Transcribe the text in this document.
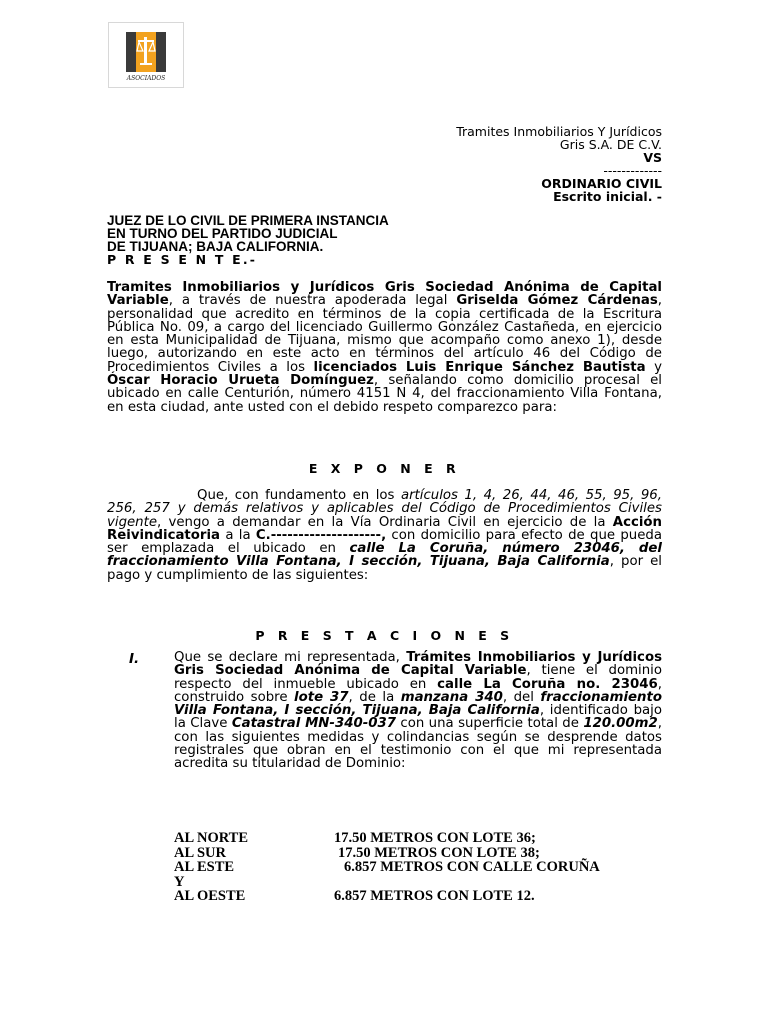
ASOCIADOS
Tramites Inmobiliarios Y Jurídicos
Gris S.A. DE C.V.
VS
-------------
ORDINARIO CIVIL
Escrito inicial. -
JUEZ DE LO CIVIL DE PRIMERA INSTANCIA
EN TURNO DEL PARTIDO JUDICIAL
DE TIJUANA; BAJA CALIFORNIA.
P R E S E N T E.-
Tramites Inmobiliarios y Jurídicos Gris Sociedad Anónima de Capital Variable, a través de nuestra apoderada legal Griselda Gómez Cárdenas, personalidad que acredito en términos de la copia certificada de la Escritura Pública No. 09, a cargo del licenciado Guillermo González Castañeda, en ejercicio en esta Municipalidad de Tijuana, mismo que acompaño como anexo 1), desde luego, autorizando en este acto en términos del artículo 46 del Código de Procedimientos Civiles a los licenciados Luis Enrique Sánchez Bautista y Óscar Horacio Urueta Domínguez, señalando como domicilio procesal el ubicado en calle Centurión, número 4151 N 4, del fraccionamiento Villa Fontana, en esta ciudad, ante usted con el debido respeto comparezco para:
E X P O N E R
Que, con fundamento en los artículos 1, 4, 26, 44, 46, 55, 95, 96, 256, 257 y demás relativos y aplicables del Código de Procedimientos Civiles vigente, vengo a demandar en la Vía Ordinaria Civil en ejercicio de la Acción Reivindicatoria a la C.--------------------, con domicilio para efecto de que pueda ser emplazada el ubicado en calle La Coruña, número 23046, del fraccionamiento Villa Fontana, I sección, Tijuana, Baja California, por el pago y cumplimiento de las siguientes:
P R E S T A C I O N E S
I.	Que se declare mi representada, Trámites Inmobiliarios y Jurídicos Gris Sociedad Anónima de Capital Variable, tiene el dominio respecto del inmueble ubicado en calle La Coruña no. 23046, construido sobre lote 37, de la manzana 340, del fraccionamiento Villa Fontana, I sección, Tijuana, Baja California, identificado bajo la Clave Catastral MN-340-037 con una superficie total de 120.00m2, con las siguientes medidas y colindancias según se desprende datos registrales que obran en el testimonio con el que mi representada acredita su titularidad de Dominio:
AL NORTE	17.50 METROS CON LOTE 36;
AL SUR	17.50 METROS CON LOTE 38;
AL ESTE	6.857 METROS CON CALLE CORUÑA
Y
AL OESTE	6.857 METROS CON LOTE 12.
